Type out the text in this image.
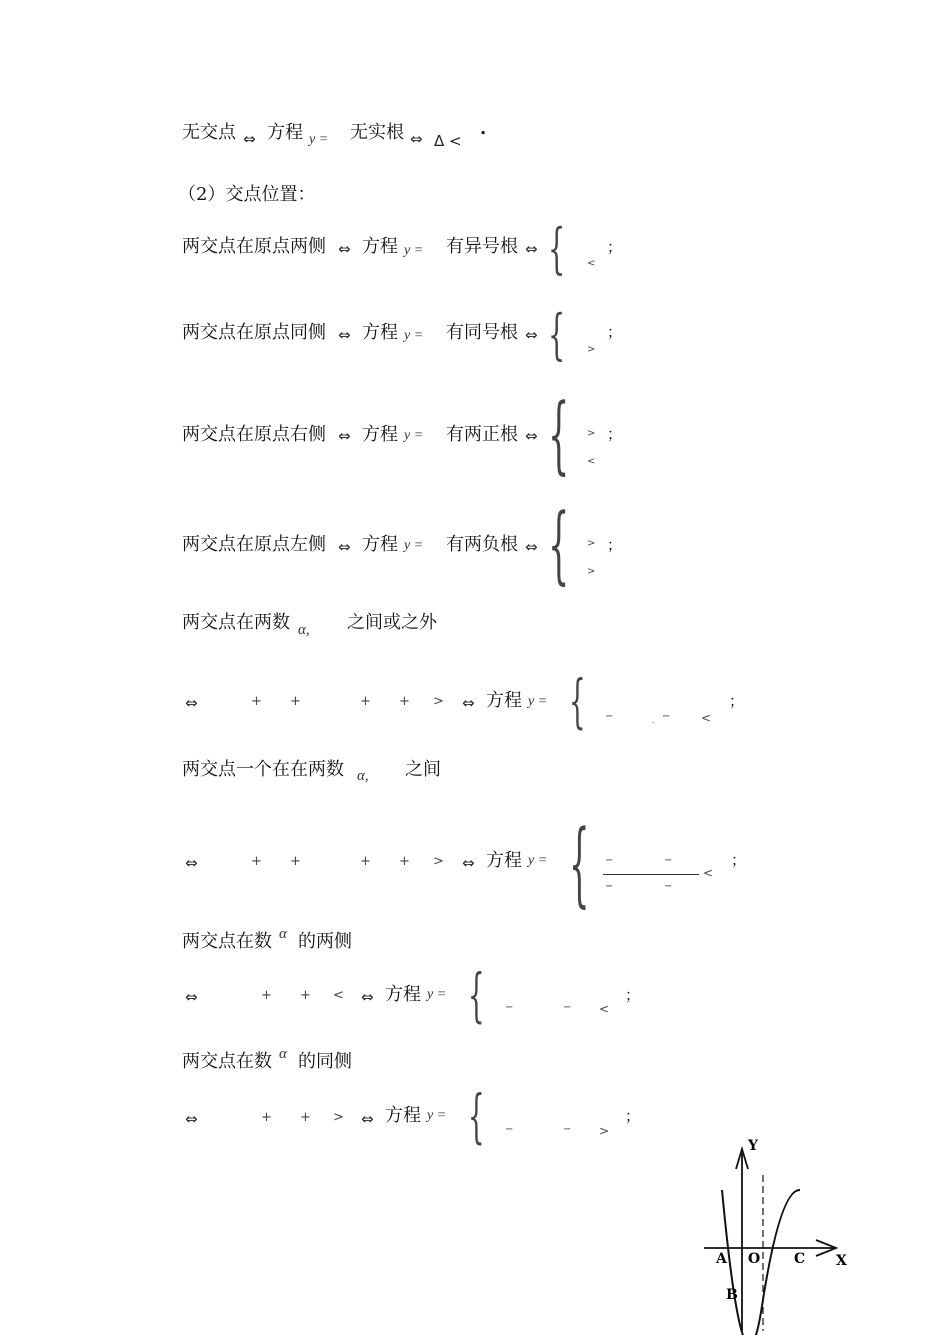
无交点 ⇔ 方程 y = 无实根 ⇔ Δ <
.
（2）交点位置：
两交点在原点两侧 ⇔ 方程 y = 有异号根 ⇔ { <
；
两交点在原点同侧 ⇔ 方程 y = 有同号根 ⇔ { >
；
两交点在原点右侧 ⇔ 方程 y = 有两正根 ⇔ { >
<
；
两交点在原点左侧 ⇔ 方程 y = 有两负根 ⇔ { >
>
；
两交点在两数 α, 之间或之外
⇔	+ +	+ + > ⇔ 方程 y = { −	−
-	<
；
两交点一个在在两数 α, 之间
⇔	+ +	+ + > ⇔ 方程 y = { −	−
<
−	−
；
两交点在数 α 的两侧
⇔	+ + < ⇔ 方程 y = { −	− <
；
两交点在数 α 的同侧
⇔	+ + > ⇔ 方程 y = { −	− >
；
Y
X
O
A
B
C
